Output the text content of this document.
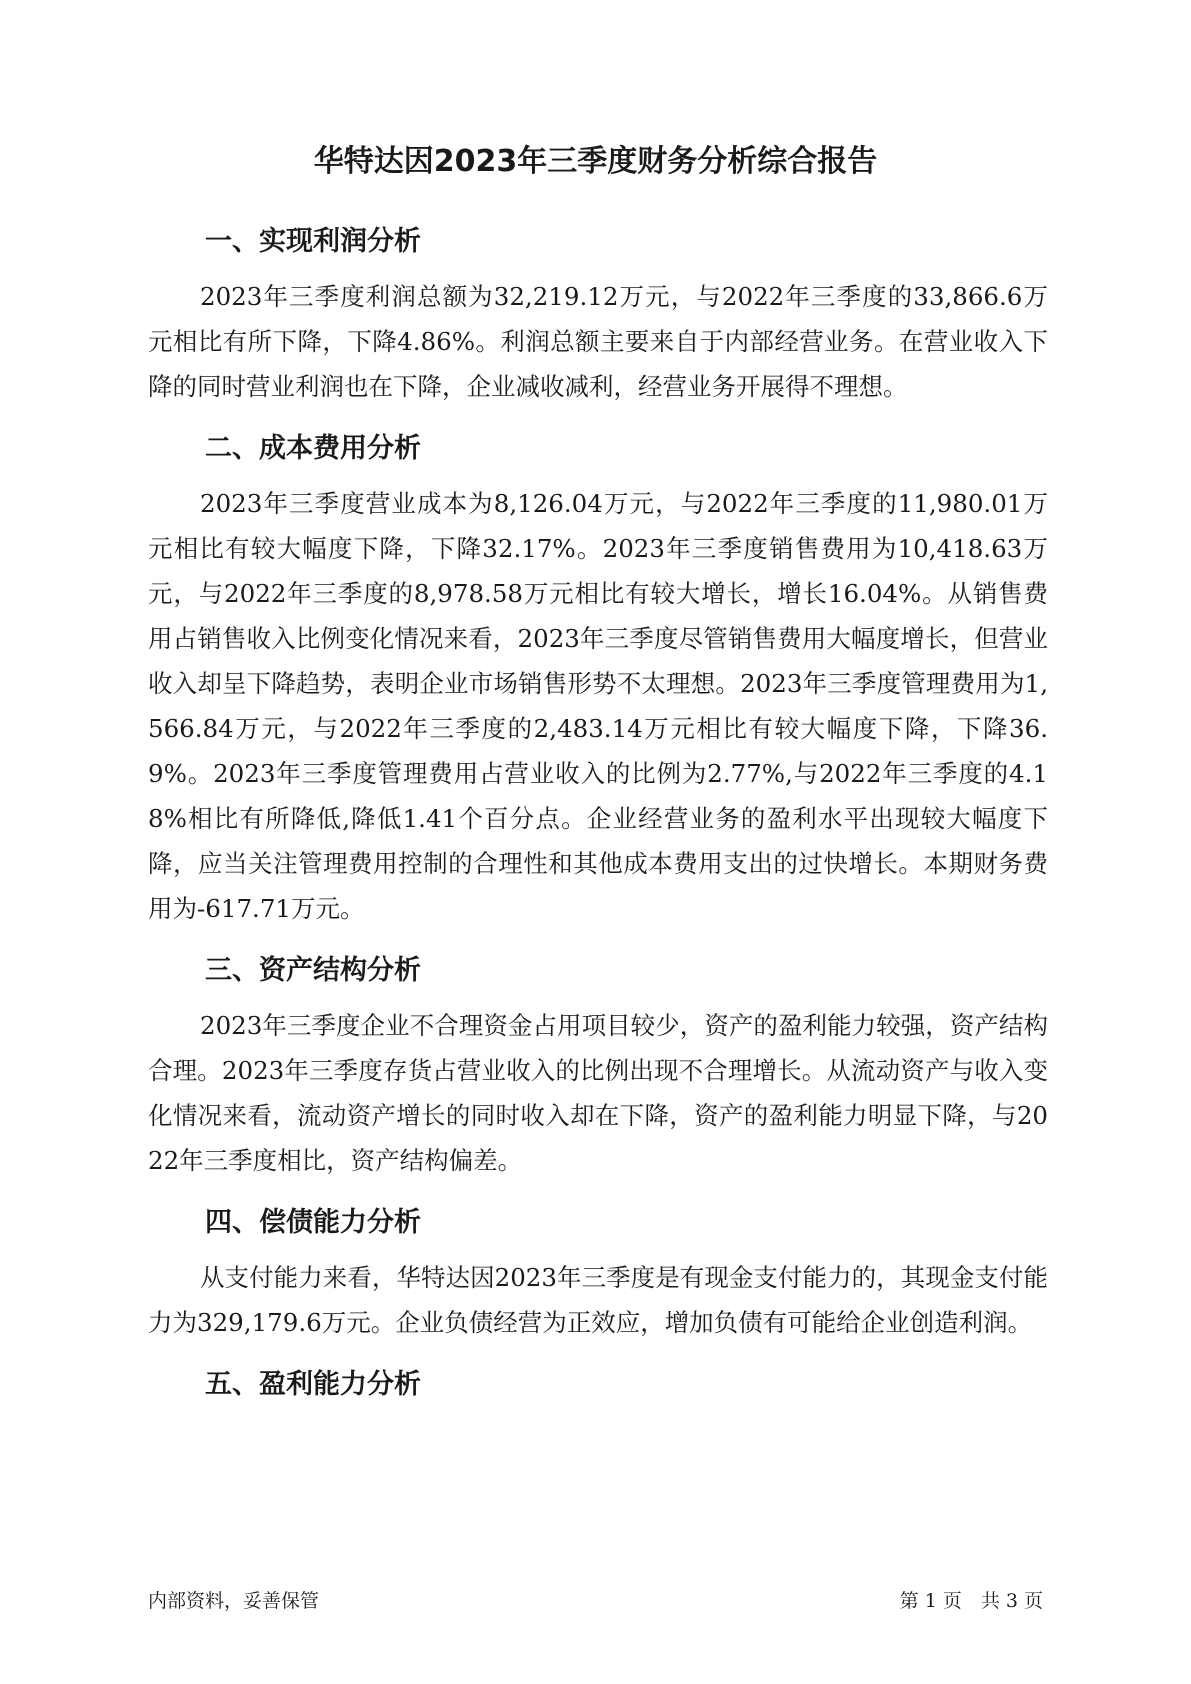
华特达因2023年三季度财务分析综合报告
一、实现利润分析

2023年三季度利润总额为32,219.12万元，与2022年三季度的33,866.6万元相比有所下降，下降4.86%。利润总额主要来自于内部经营业务。在营业收入下降的同时营业利润也在下降，企业减收减利，经营业务开展得不理想。

二、成本费用分析

2023年三季度营业成本为8,126.04万元，与2022年三季度的11,980.01万元相比有较大幅度下降，下降32.17%。2023年三季度销售费用为10,418.63万元，与2022年三季度的8,978.58万元相比有较大增长，增长16.04%。从销售费用占销售收入比例变化情况来看，2023年三季度尽管销售费用大幅度增长，但营业收入却呈下降趋势，表明企业市场销售形势不太理想。2023年三季度管理费用为1,566.84万元，与2022年三季度的2,483.14万元相比有较大幅度下降，下降36.9%。2023年三季度管理费用占营业收入的比例为2.77%,与2022年三季度的4.18%相比有所降低,降低1.41个百分点。企业经营业务的盈利水平出现较大幅度下降，应当关注管理费用控制的合理性和其他成本费用支出的过快增长。本期财务费用为-617.71万元。

三、资产结构分析

2023年三季度企业不合理资金占用项目较少，资产的盈利能力较强，资产结构合理。2023年三季度存货占营业收入的比例出现不合理增长。从流动资产与收入变化情况来看，流动资产增长的同时收入却在下降，资产的盈利能力明显下降，与2022年三季度相比，资产结构偏差。

四、偿债能力分析

从支付能力来看，华特达因2023年三季度是有现金支付能力的，其现金支付能力为329,179.6万元。企业负债经营为正效应，增加负债有可能给企业创造利润。

五、盈利能力分析
内部资料，妥善保管	第 1 页　共 3 页
